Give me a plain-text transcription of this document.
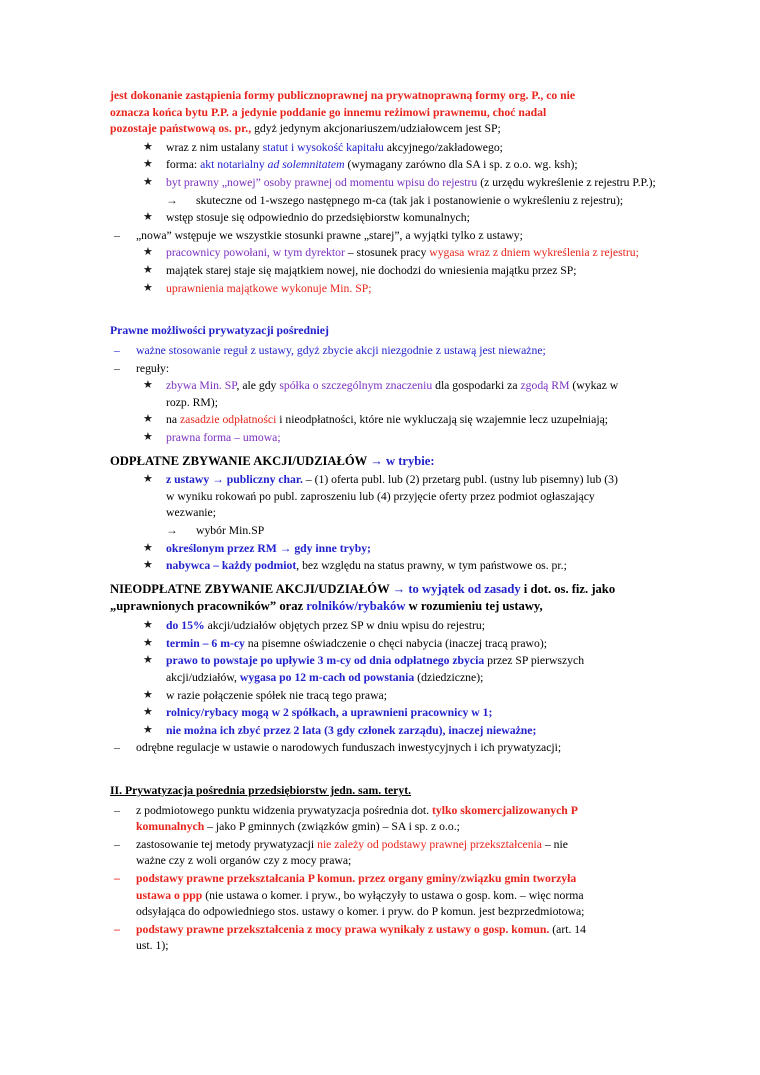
jest dokonanie zastąpienia formy publicznoprawnej na prywatnoprawną formy org. P., co nie
oznacza końca bytu P.P. a jedynie poddanie go innemu reżimowi prawnemu, choć nadal
pozostaje państwową os. pr., gdyż jedynym akcjonariuszem/udziałowcem jest SP;

★ wraz z nim ustalany statut i wysokość kapitału akcyjnego/zakładowego;
★ forma: akt notarialny ad solemnitatem (wymagany zarówno dla SA i sp. z o.o. wg. ksh);
★ byt prawny „nowej” osoby prawnej od momentu wpisu do rejestru (z urzędu wykreślenie z rejestru P.P.);
→ skuteczne od 1-wszego następnego m-ca (tak jak i postanowienie o wykreśleniu z rejestru);
★ wstęp stosuje się odpowiednio do przedsiębiorstw komunalnych;
– „nowa” wstępuje we wszystkie stosunki prawne „starej”, a wyjątki tylko z ustawy;
★ pracownicy powołani, w tym dyrektor – stosunek pracy wygasa wraz z dniem wykreślenia z rejestru;
★ majątek starej staje się majątkiem nowej, nie dochodzi do wniesienia majątku przez SP;
★ uprawnienia majątkowe wykonuje Min. SP;
Prawne możliwości prywatyzacji pośredniej
– ważne stosowanie reguł z ustawy, gdyż zbycie akcji niezgodnie z ustawą jest nieważne;
– reguły:
★ zbywa Min. SP, ale gdy spółka o szczególnym znaczeniu dla gospodarki za zgodą RM (wykaz w
rozp. RM);
★ na zasadzie odpłatności i nieodpłatności, które nie wykluczają się wzajemnie lecz uzupełniają;
★ prawna forma – umowa;
ODPŁATNE ZBYWANIE AKCJI/UDZIAŁÓW → w trybie:
★ z ustawy → publiczny char. – (1) oferta publ. lub (2) przetarg publ. (ustny lub pisemny) lub (3)
w wyniku rokowań po publ. zaproszeniu lub (4) przyjęcie oferty przez podmiot ogłaszający
wezwanie;
→ wybór Min.SP
★ określonym przez RM → gdy inne tryby;
★ nabywca – każdy podmiot, bez względu na status prawny, w tym państwowe os. pr.;
NIEODPŁATNE ZBYWANIE AKCJI/UDZIAŁÓW → to wyjątek od zasady i dot. os. fiz. jako
„uprawnionych pracowników” oraz rolników/rybaków w rozumieniu tej ustawy,
★ do 15% akcji/udziałów objętych przez SP w dniu wpisu do rejestru;
★ termin – 6 m-cy na pisemne oświadczenie o chęci nabycia (inaczej tracą prawo);
★ prawo to powstaje po upływie 3 m-cy od dnia odpłatnego zbycia przez SP pierwszych
akcji/udziałów, wygasa po 12 m-cach od powstania (dziedziczne);
★ w razie połączenie spółek nie tracą tego prawa;
★ rolnicy/rybacy mogą w 2 spółkach, a uprawnieni pracownicy w 1;
★ nie można ich zbyć przez 2 lata (3 gdy członek zarządu), inaczej nieważne;
– odrębne regulacje w ustawie o narodowych funduszach inwestycyjnych i ich prywatyzacji;
II. Prywatyzacja pośrednia przedsiębiorstw jedn. sam. teryt.
– z podmiotowego punktu widzenia prywatyzacja pośrednia dot. tylko skomercjalizowanych P
komunalnych – jako P gminnych (związków gmin) – SA i sp. z o.o.;
– zastosowanie tej metody prywatyzacji nie zależy od podstawy prawnej przekształcenia – nie
ważne czy z woli organów czy z mocy prawa;
– podstawy prawne przekształcania P komun. przez organy gminy/związku gmin tworzyła
ustawa o ppp (nie ustawa o komer. i pryw., bo wyłączyły to ustawa o gosp. kom. – więc norma
odsyłająca do odpowiedniego stos. ustawy o komer. i pryw. do P komun. jest bezprzedmiotowa;
– podstawy prawne przekształcenia z mocy prawa wynikały z ustawy o gosp. komun. (art. 14
ust. 1);
